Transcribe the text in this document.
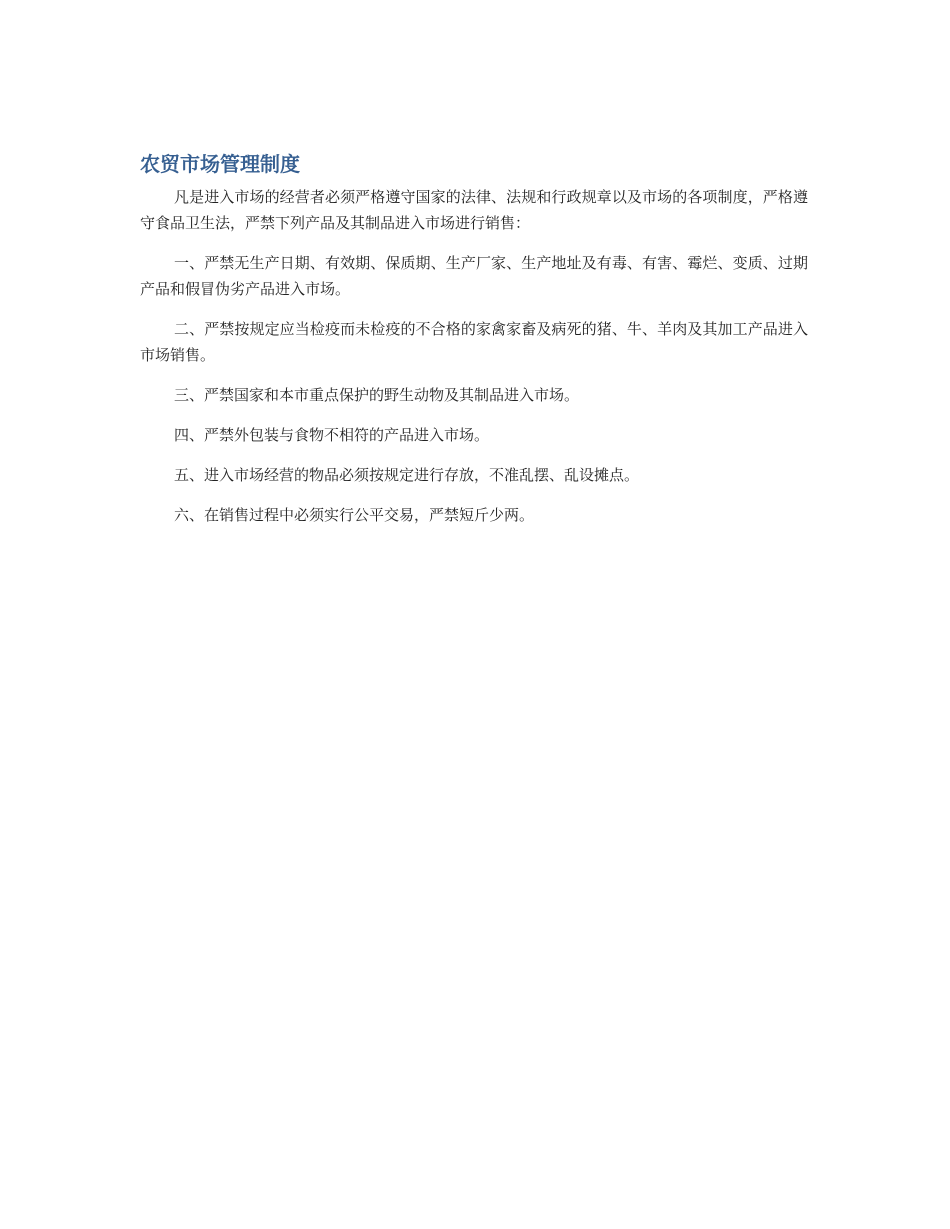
农贸市场管理制度

凡是进入市场的经营者必须严格遵守国家的法律、法规和行政规章以及市场的各项制度，严格遵守食品卫生法，严禁下列产品及其制品进入市场进行销售：

一、严禁无生产日期、有效期、保质期、生产厂家、生产地址及有毒、有害、霉烂、变质、过期产品和假冒伪劣产品进入市场。

二、严禁按规定应当检疫而未检疫的不合格的家禽家畜及病死的猪、牛、羊肉及其加工产品进入市场销售。

三、严禁国家和本市重点保护的野生动物及其制品进入市场。

四、严禁外包装与食物不相符的产品进入市场。

五、进入市场经营的物品必须按规定进行存放，不准乱摆、乱设摊点。

六、在销售过程中必须实行公平交易，严禁短斤少两。
